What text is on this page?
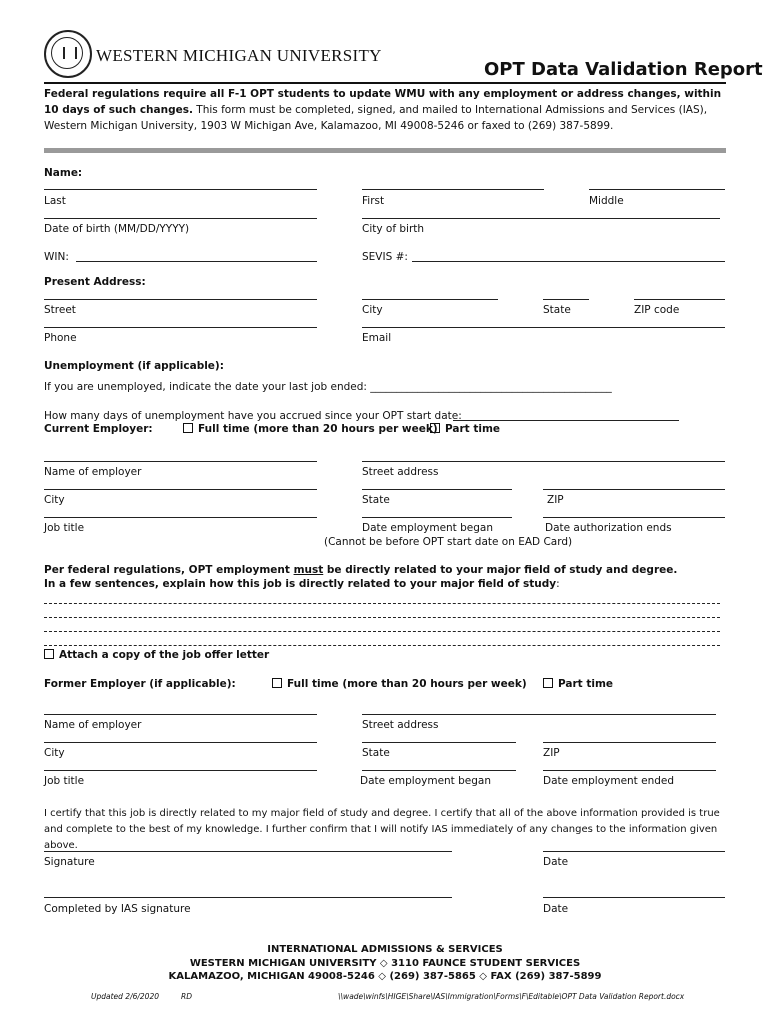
WESTERN MICHIGAN UNIVERSITY
OPT Data Validation Report
Federal regulations require all F-1 OPT students to update WMU with any employment or address changes, within 10 days of such changes. This form must be completed, signed, and mailed to International Admissions and Services (IAS), Western Michigan University, 1903 W Michigan Ave, Kalamazoo, MI 49008-5246 or faxed to (269) 387-5899.
Name:
Last	First	Middle
Date of birth (MM/DD/YYYY)	City of birth
WIN:	SEVIS #:
Present Address:
Street	City	State	ZIP code
Phone	Email
Unemployment (if applicable):
If you are unemployed, indicate the date your last job ended: ______________________________________________
How many days of unemployment have you accrued since your OPT start date:
Current Employer:	Full time (more than 20 hours per week) Part time
Name of employer	Street address
City	State	ZIP
Job title	Date employment began	Date authorization ends
(Cannot be before OPT start date on EAD Card)
Per federal regulations, OPT employment must be directly related to your major field of study and degree.
In a few sentences, explain how this job is directly related to your major field of study:
Attach a copy of the job offer letter
Former Employer (if applicable):	Full time (more than 20 hours per week)	Part time
Name of employer	Street address
City	State	ZIP
Job title	Date employment began	Date employment ended
I certify that this job is directly related to my major field of study and degree. I certify that all of the above information provided is true and complete to the best of my knowledge. I further confirm that I will notify IAS immediately of any changes to the information given above.
Signature	Date
Completed by IAS signature	Date
INTERNATIONAL ADMISSIONS & SERVICES
WESTERN MICHIGAN UNIVERSITY ◇ 3110 FAUNCE STUDENT SERVICES
KALAMAZOO, MICHIGAN 49008-5246 ◇ (269) 387-5865 ◇ FAX (269) 387-5899
Updated 2/6/2020	RD	\\wade\winfs\HIGE\Share\IAS\Immigration\Forms\F\Editable\OPT Data Validation Report.docx
